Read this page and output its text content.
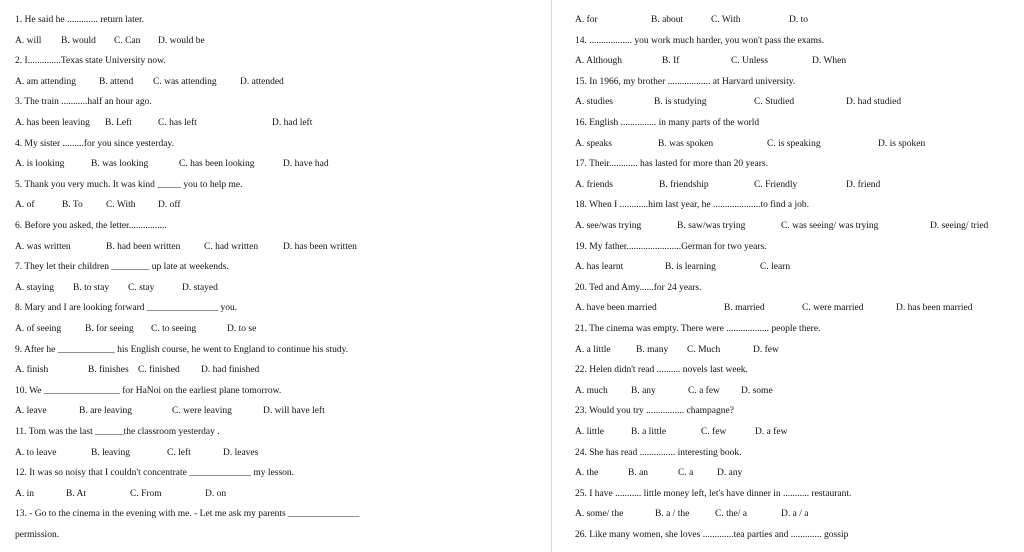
1. He said he ............. return later.
A. will B. would C. Can D. would be
2. I..............Texas state University now.
A. am attending B. attend C. was attending D. attended
3. The train ...........half an hour ago.
A. has been leaving B. Left	C. has left	D. had left
4. My sister .........for you since yesterday.
A. is looking	B. was looking	C. has been looking	D. have had
5. Thank you very much. It was kind _____ you to help me.
A. of	B. To C. With D. off
6. Before you asked, the letter................
A. was written	B. had been written C. had written	D. has been written
7. They let their children ________ up late at weekends.
A. staying B. to stay C. stay	D. stayed
8. Mary and I are looking forward _______________ you.
A. of seeing	B. for seeing C. to seeing	D. to se
9. After he ____________ his English course, he went to England to continue his study.
A. finish	B. finishes C. finished D. had finished
10. We ________________ for HaNoi on the earliest plane tomorrow.
A. leave	B. are leaving	C. were leaving	D. will have left
11. Tom was the last ______the classroom yesterday .
A. to leave	B. leaving	C. left	D. leaves
12. It was so noisy that I couldn't concentrate _____________ my lesson.
A. in	B. At	C. From	D. on
13. - Go to the cinema in the evening with me. - Let me ask my parents _______________
permission.
A. for	B. about	C. With	D. to
14. .................. you work much harder, you won't pass the exams.
A. Although	B. If	C. Unless	D. When
15. In 1966, my brother .................. at Harvard university.
A. studies	B. is studying	C. Studied	D. had studied
16. English ............... in many parts of the world
A. speaks	B. was spoken	C. is speaking	D. is spoken
17. Their............ has lasted for more than 20 years.
A. friends	B. friendship	C. Friendly	D. friend
18. When I ............him last year, he ....................to find a job.
A. see/was trying	B. saw/was trying	C. was seeing/ was trying	D. seeing/ tried
19. My father.......................German for two years.
A. has learnt	B. is learning	C. learn
20. Ted and Amy......for 24 years.
A. have been married	B. married	C. were married	D. has been married
21. The cinema was empty. There were .................. people there.
A. a little	B. many C. Much	D. few
22. Helen didn't read .......... novels last week.
A. much B. any	C. a few D. some
23. Would you try ................ champagne?
A. little	B. a little	C. few	D. a few
24. She has read ............... interesting book.
A. the	B. an	C. a D. any
25. I have ........... little money left, let's have dinner in ........... restaurant.
A. some/ the	B. a / the	C. the/ a	D. a / a
26. Like many women, she loves .............tea parties and ............. gossip
